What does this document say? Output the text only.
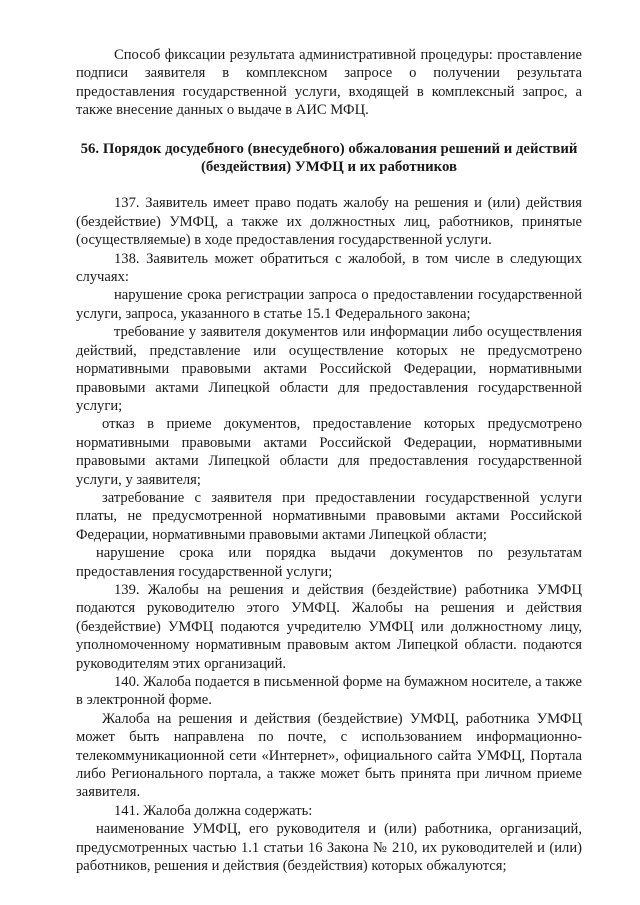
Способ фиксации результата административной процедуры: проставление подписи заявителя в комплексном запросе о получении результата предоставления государственной услуги, входящей в комплексный запрос, а также внесение данных о выдаче в АИС МФЦ.

56. Порядок досудебного (внесудебного) обжалования решений и действий (бездействия) УМФЦ и их работников

137. Заявитель имеет право подать жалобу на решения и (или) действия (бездействие) УМФЦ, а также их должностных лиц, работников, принятые (осуществляемые) в ходе предоставления государственной услуги.

138. Заявитель может обратиться с жалобой, в том числе в следующих случаях:

нарушение срока регистрации запроса о предоставлении государственной услуги, запроса, указанного в статье 15.1 Федерального закона;

требование у заявителя документов или информации либо осуществления действий, представление или осуществление которых не предусмотрено нормативными правовыми актами Российской Федерации, нормативными правовыми актами Липецкой области для предоставления государственной услуги;

отказ в приеме документов, предоставление которых предусмотрено нормативными правовыми актами Российской Федерации, нормативными правовыми актами Липецкой области для предоставления государственной услуги, у заявителя;

затребование с заявителя при предоставлении государственной услуги платы, не предусмотренной нормативными правовыми актами Российской Федерации, нормативными правовыми актами Липецкой области;

нарушение срока или порядка выдачи документов по результатам предоставления государственной услуги;

139. Жалобы на решения и действия (бездействие) работника УМФЦ подаются руководителю этого УМФЦ. Жалобы на решения и действия (бездействие) УМФЦ подаются учредителю УМФЦ или должностному лицу, уполномоченному нормативным правовым актом Липецкой области. подаются руководителям этих организаций.

140. Жалоба подается в письменной форме на бумажном носителе, а также в электронной форме.

Жалоба на решения и действия (бездействие) УМФЦ, работника УМФЦ может быть направлена по почте, с использованием информационно-телекоммуникационной сети «Интернет», официального сайта УМФЦ, Портала либо Регионального портала, а также может быть принята при личном приеме заявителя.

141. Жалоба должна содержать:

наименование УМФЦ, его руководителя и (или) работника, организаций, предусмотренных частью 1.1 статьи 16 Закона № 210, их руководителей и (или) работников, решения и действия (бездействия) которых обжалуются;
